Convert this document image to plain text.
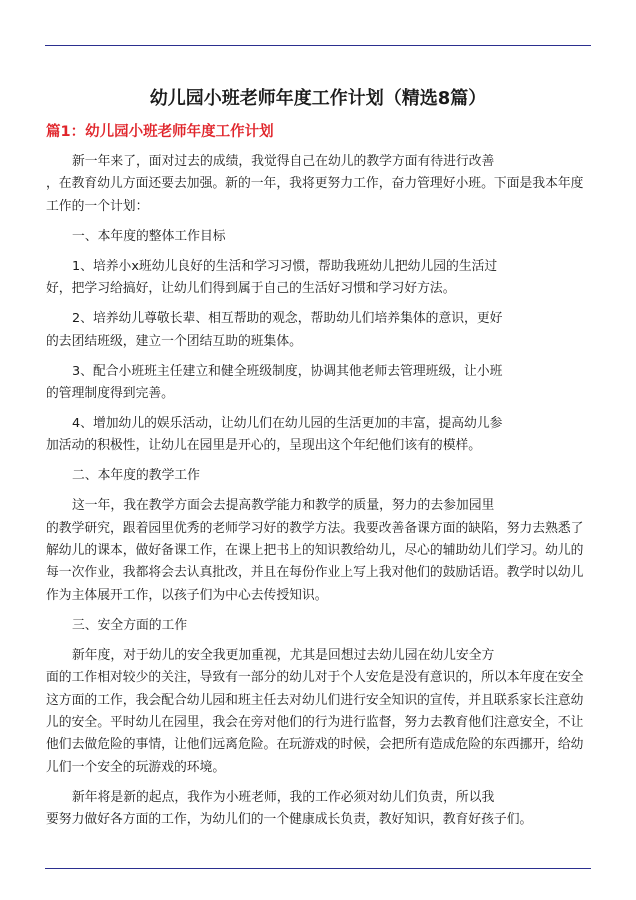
幼儿园小班老师年度工作计划（精选8篇）
篇1：幼儿园小班老师年度工作计划
新一年来了，面对过去的成绩，我觉得自己在幼儿的教学方面有待进行改善
，在教育幼儿方面还要去加强。新的一年，我将更努力工作，奋力管理好小班。下面是我本年度
工作的一个计划：
一、本年度的整体工作目标
1、培养小x班幼儿良好的生活和学习习惯，帮助我班幼儿把幼儿园的生活过
好，把学习给搞好，让幼儿们得到属于自己的生活好习惯和学习好方法。
2、培养幼儿尊敬长辈、相互帮助的观念，帮助幼儿们培养集体的意识，更好
的去团结班级，建立一个团结互助的班集体。
3、配合小班班主任建立和健全班级制度，协调其他老师去管理班级，让小班
的管理制度得到完善。
4、增加幼儿的娱乐活动，让幼儿们在幼儿园的生活更加的丰富，提高幼儿参
加活动的积极性，让幼儿在园里是开心的，呈现出这个年纪他们该有的模样。
二、本年度的教学工作
这一年，我在教学方面会去提高教学能力和教学的质量，努力的去参加园里
的教学研究，跟着园里优秀的老师学习好的教学方法。我要改善备课方面的缺陷，努力去熟悉了
解幼儿的课本，做好备课工作，在课上把书上的知识教给幼儿，尽心的辅助幼儿们学习。幼儿的
每一次作业，我都将会去认真批改，并且在每份作业上写上我对他们的鼓励话语。教学时以幼儿
作为主体展开工作，以孩子们为中心去传授知识。
三、安全方面的工作
新年度，对于幼儿的安全我更加重视，尤其是回想过去幼儿园在幼儿安全方
面的工作相对较少的关注，导致有一部分的幼儿对于个人安危是没有意识的，所以本年度在安全
这方面的工作，我会配合幼儿园和班主任去对幼儿们进行安全知识的宣传，并且联系家长注意幼
儿的安全。平时幼儿在园里，我会在旁对他们的行为进行监督，努力去教育他们注意安全，不让
他们去做危险的事情，让他们远离危险。在玩游戏的时候，会把所有造成危险的东西挪开，给幼
儿们一个安全的玩游戏的环境。
新年将是新的起点，我作为小班老师，我的工作必须对幼儿们负责，所以我
要努力做好各方面的工作，为幼儿们的一个健康成长负责，教好知识，教育好孩子们。
